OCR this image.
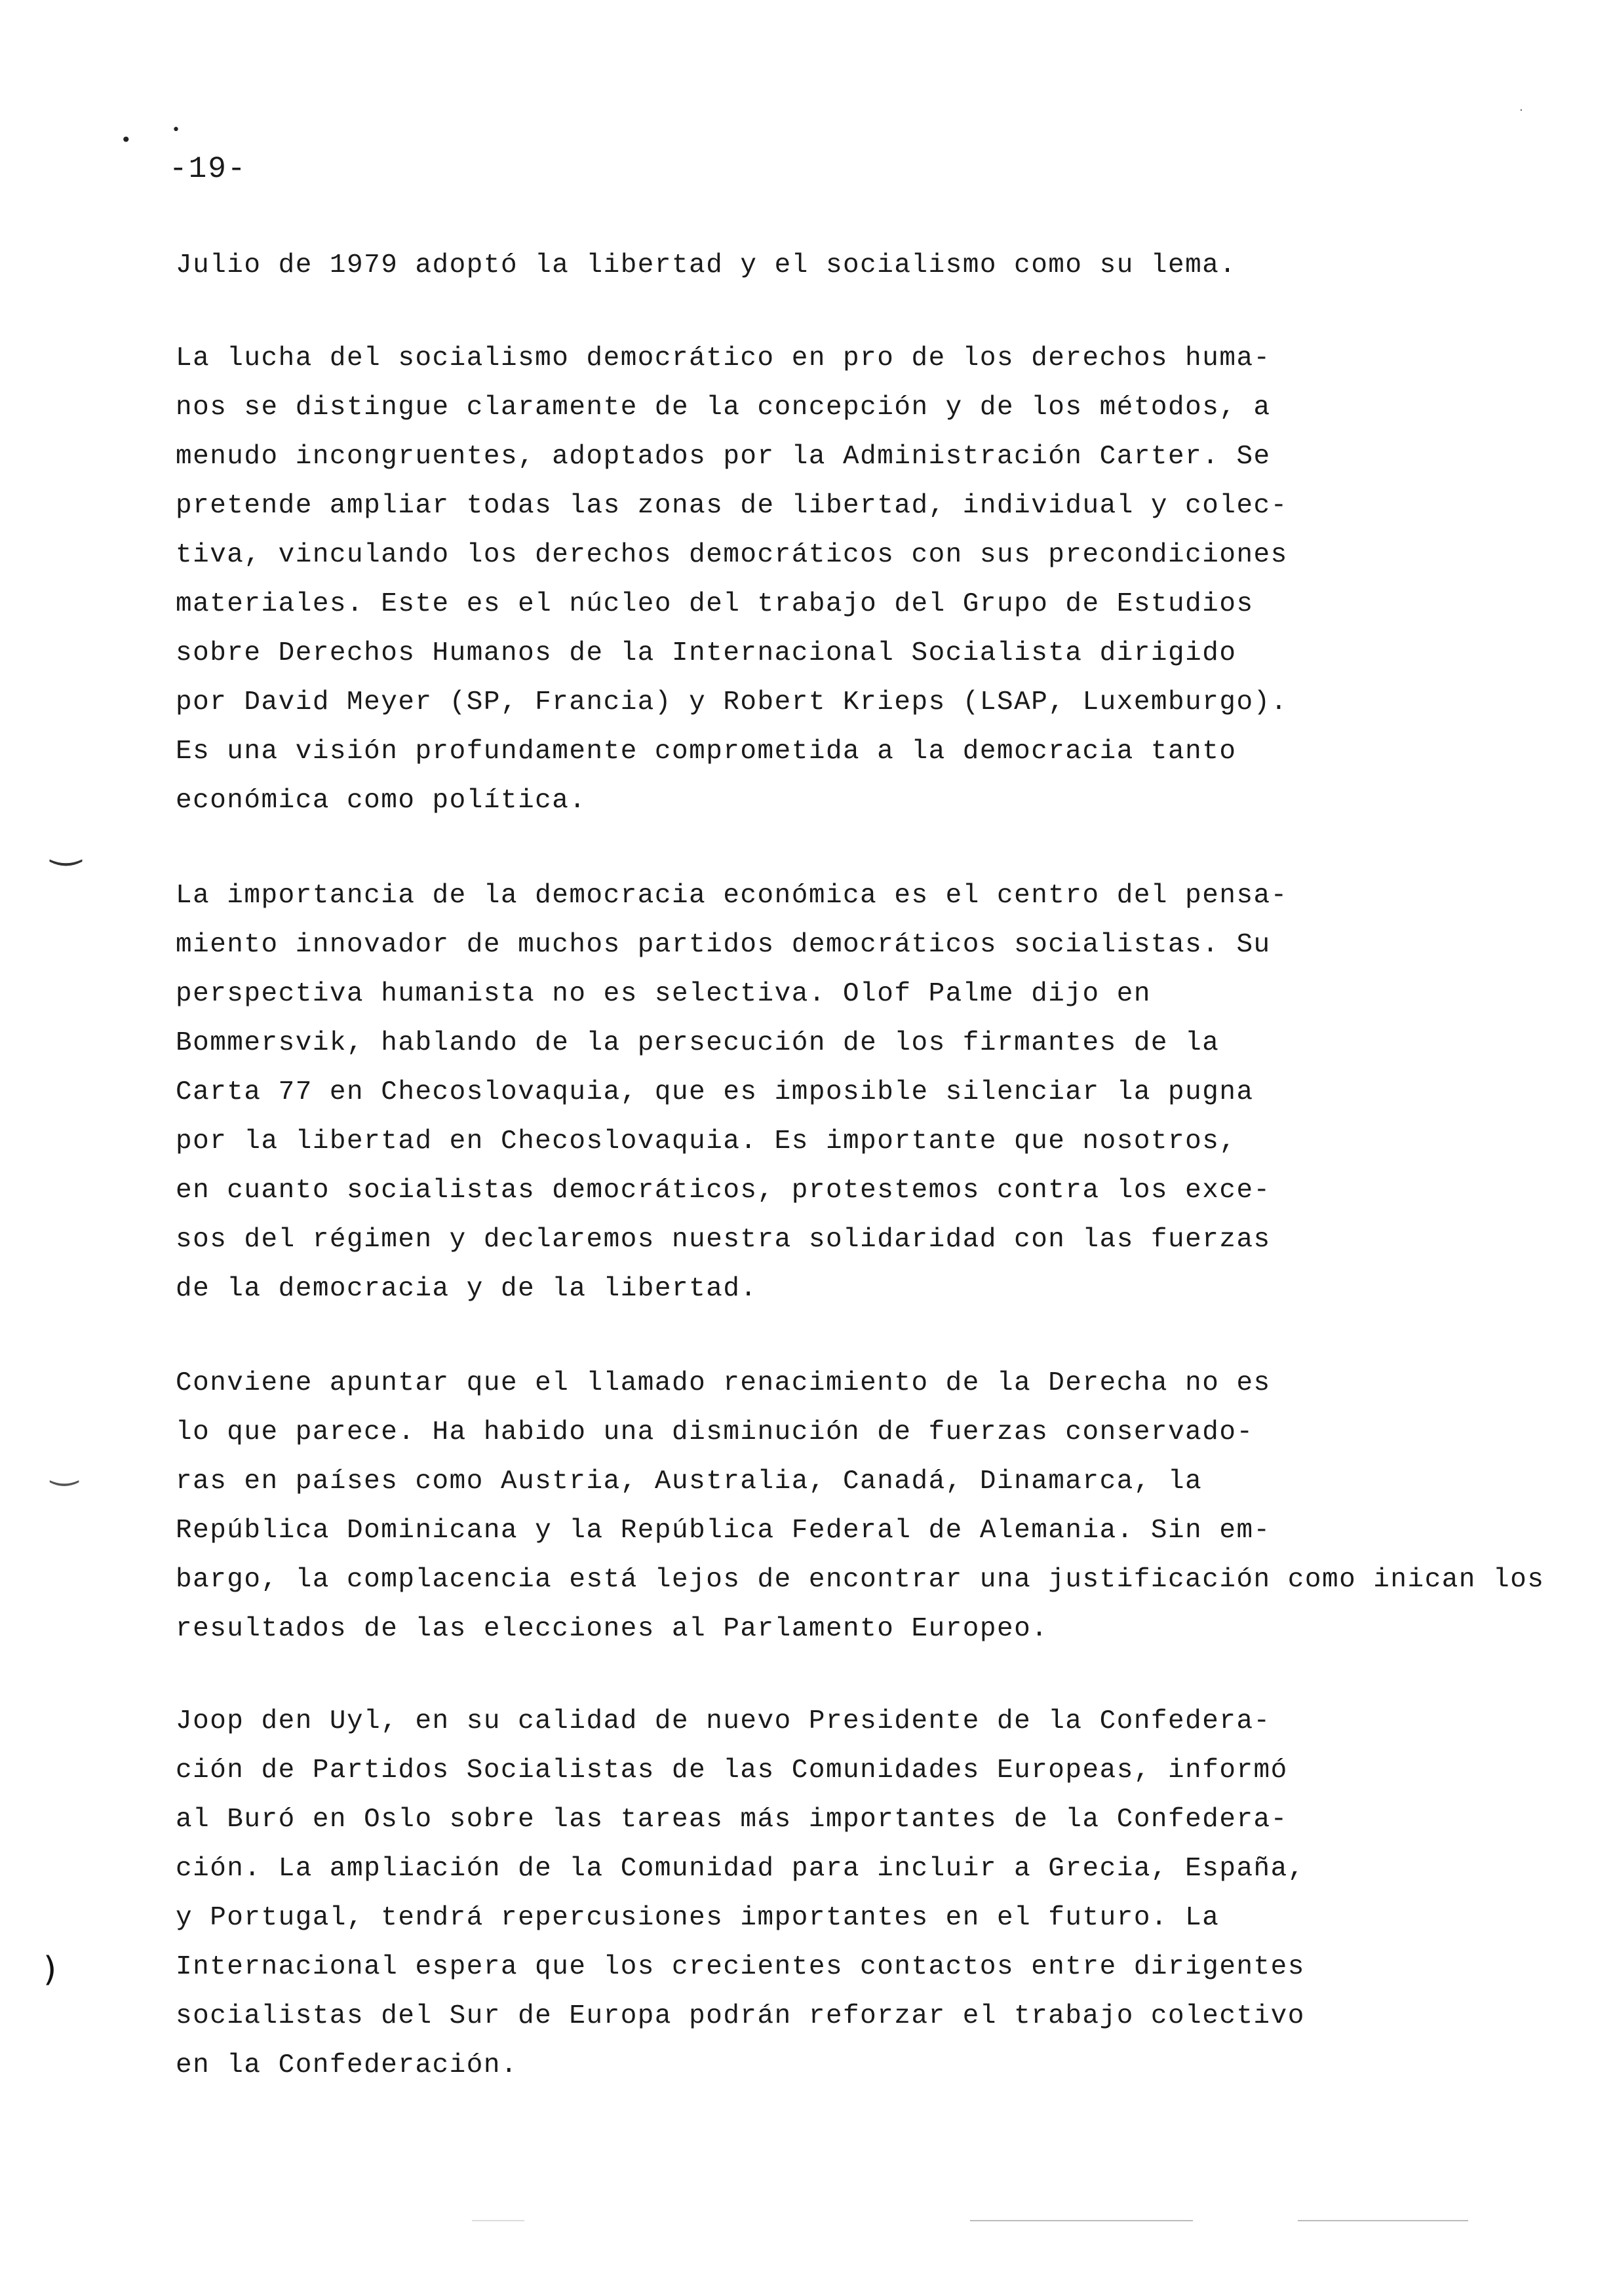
•	•
·
‿
‿
)
-19-
Julio de 1979 adoptó la libertad y el socialismo como su lema.
La lucha del socialismo democrático en pro de los derechos huma-
nos se distingue claramente de la concepción y de los métodos, a
menudo incongruentes, adoptados por la Administración Carter. Se
pretende ampliar todas las zonas de libertad, individual y colec-
tiva, vinculando los derechos democráticos con sus precondiciones
materiales. Este es el núcleo del trabajo del Grupo de Estudios
sobre Derechos Humanos de la Internacional Socialista dirigido
por David Meyer (SP, Francia) y Robert Krieps (LSAP, Luxemburgo).
Es una visión profundamente comprometida a la democracia tanto
económica como política.
La importancia de la democracia económica es el centro del pensa-
miento innovador de muchos partidos democráticos socialistas. Su
perspectiva humanista no es selectiva. Olof Palme dijo en
Bommersvik, hablando de la persecución de los firmantes de la
Carta 77 en Checoslovaquia, que es imposible silenciar la pugna
por la libertad en Checoslovaquia. Es importante que nosotros,
en cuanto socialistas democráticos, protestemos contra los exce-
sos del régimen y declaremos nuestra solidaridad con las fuerzas
de la democracia y de la libertad.
Conviene apuntar que el llamado renacimiento de la Derecha no es
lo que parece. Ha habido una disminución de fuerzas conservado-
ras en países como Austria, Australia, Canadá, Dinamarca, la
República Dominicana y la República Federal de Alemania. Sin em-
bargo, la complacencia está lejos de encontrar una justificación como inican los
resultados de las elecciones al Parlamento Europeo.
Joop den Uyl, en su calidad de nuevo Presidente de la Confedera-
ción de Partidos Socialistas de las Comunidades Europeas, informó
al Buró en Oslo sobre las tareas más importantes de la Confedera-
ción. La ampliación de la Comunidad para incluir a Grecia, España,
y Portugal, tendrá repercusiones importantes en el futuro. La
Internacional espera que los crecientes contactos entre dirigentes
socialistas del Sur de Europa podrán reforzar el trabajo colectivo
en la Confederación.
